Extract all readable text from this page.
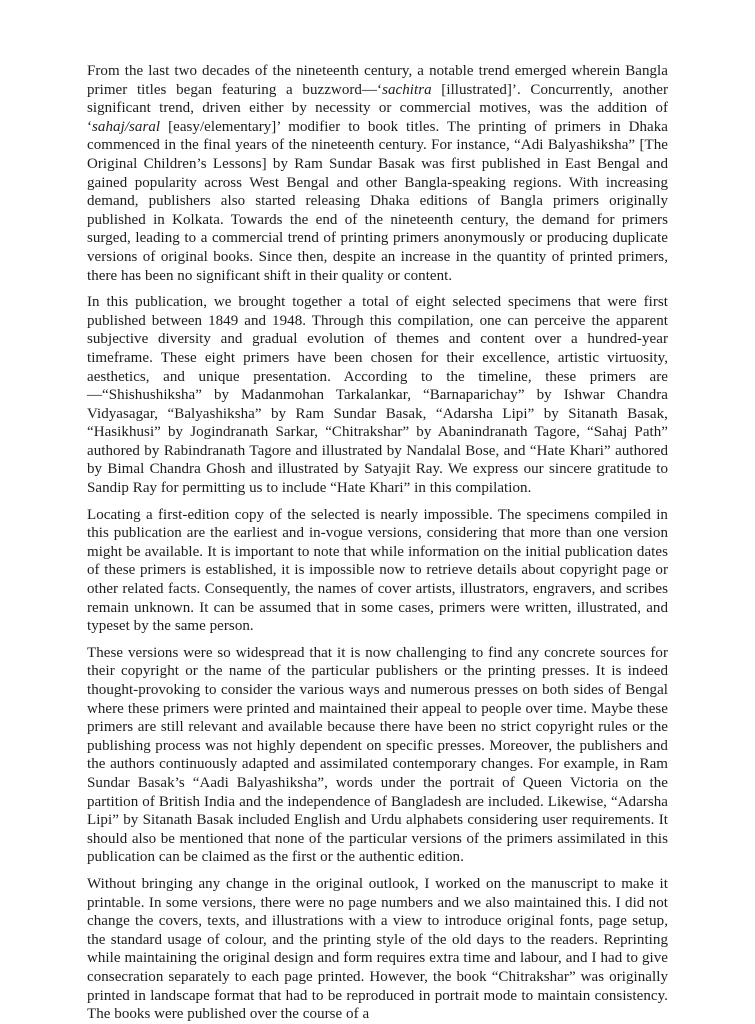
From the last two decades of the nineteenth century, a notable trend emerged wherein Bangla primer titles began featuring a buzzword—‘sachitra [illustrated]’. Concurrently, another significant trend, driven either by necessity or commercial motives, was the addition of ‘sahaj/saral [easy/elementary]’ modifier to book titles. The printing of primers in Dhaka commenced in the final years of the nineteenth century. For instance, “Adi Balyashiksha” [The Original Children’s Lessons] by Ram Sundar Basak was first published in East Bengal and gained popularity across West Bengal and other Bangla-speaking regions. With increasing demand, publishers also started releasing Dhaka editions of Bangla primers originally published in Kolkata. Towards the end of the nineteenth century, the demand for primers surged, leading to a commercial trend of printing primers anonymously or producing duplicate versions of original books. Since then, despite an increase in the quantity of printed primers, there has been no significant shift in their quality or content.

In this publication, we brought together a total of eight selected specimens that were first published between 1849 and 1948. Through this compilation, one can perceive the apparent subjective diversity and gradual evolution of themes and content over a hundred-year timeframe. These eight primers have been chosen for their excellence, artistic virtuosity, aesthetics, and unique presentation. According to the timeline, these primers are—“Shishushiksha” by Madanmohan Tarkalankar, “Barnaparichay” by Ishwar Chandra Vidyasagar, “Balyashiksha” by Ram Sundar Basak, “Adarsha Lipi” by Sitanath Basak, “Hasikhusi” by Jogindranath Sarkar, “Chitrakshar” by Abanindranath Tagore, “Sahaj Path” authored by Rabindranath Tagore and illustrated by Nandalal Bose, and “Hate Khari” authored by Bimal Chandra Ghosh and illustrated by Satyajit Ray. We express our sincere gratitude to Sandip Ray for permitting us to include “Hate Khari” in this compilation.

Locating a first-edition copy of the selected is nearly impossible. The specimens compiled in this publication are the earliest and in-vogue versions, considering that more than one version might be available. It is important to note that while information on the initial publication dates of these primers is established, it is impossible now to retrieve details about copyright page or other related facts. Consequently, the names of cover artists, illustrators, engravers, and scribes remain unknown. It can be assumed that in some cases, primers were written, illustrated, and typeset by the same person.

These versions were so widespread that it is now challenging to find any concrete sources for their copyright or the name of the particular publishers or the printing presses. It is indeed thought-provoking to consider the various ways and numerous presses on both sides of Bengal where these primers were printed and maintained their appeal to people over time. Maybe these primers are still relevant and available because there have been no strict copyright rules or the publishing process was not highly dependent on specific presses. Moreover, the publishers and the authors continuously adapted and assimilated contemporary changes. For example, in Ram Sundar Basak’s “Aadi Balyashiksha”, words under the portrait of Queen Victoria on the partition of British India and the independence of Bangladesh are included. Likewise, “Adarsha Lipi” by Sitanath Basak included English and Urdu alphabets considering user requirements. It should also be mentioned that none of the particular versions of the primers assimilated in this publication can be claimed as the first or the authentic edition.

Without bringing any change in the original outlook, I worked on the manuscript to make it printable. In some versions, there were no page numbers and we also maintained this. I did not change the covers, texts, and illustrations with a view to introduce original fonts, page setup, the standard usage of colour, and the printing style of the old days to the readers. Reprinting while maintaining the original design and form requires extra time and labour, and I had to give consecration separately to each page printed. However, the book “Chitrakshar” was originally printed in landscape format that had to be reproduced in portrait mode to maintain consistency. The books were published over the course of a
